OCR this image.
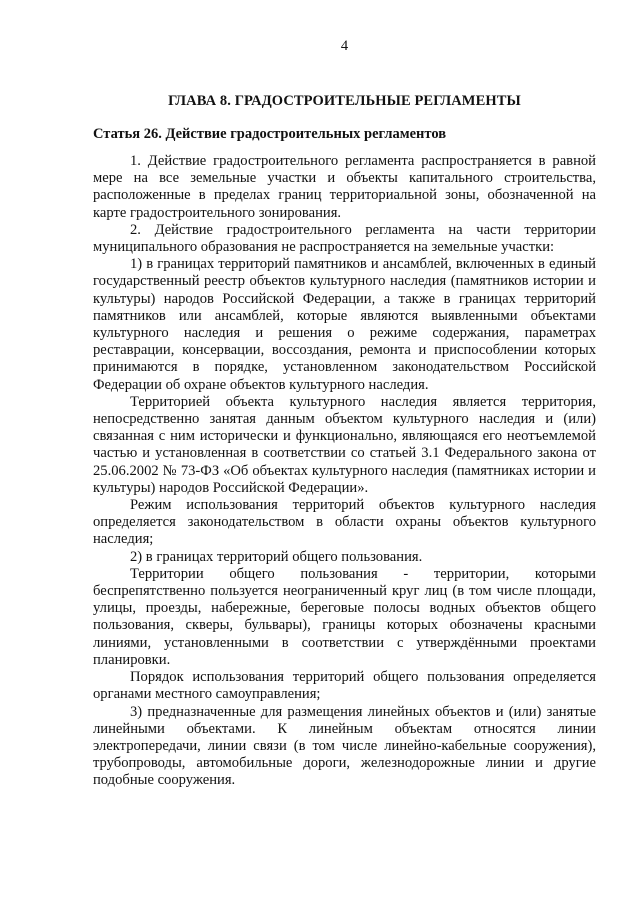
4
ГЛАВА 8. ГРАДОСТРОИТЕЛЬНЫЕ РЕГЛАМЕНТЫ
Статья 26. Действие градостроительных регламентов

1. Действие градостроительного регламента распространяется в равной мере на все земельные участки и объекты капитального строительства, расположенные в пределах границ территориальной зоны, обозначенной на карте градостроительного зонирования.

2. Действие градостроительного регламента на части территории муниципального образования не распространяется на земельные участки:

1) в границах территорий памятников и ансамблей, включенных в единый государственный реестр объектов культурного наследия (памятников истории и культуры) народов Российской Федерации, а также в границах территорий памятников или ансамблей, которые являются выявленными объектами культурного наследия и решения о режиме содержания, параметрах реставрации, консервации, воссоздания, ремонта и приспособлении которых принимаются в порядке, установленном законодательством Российской Федерации об охране объектов культурного наследия.

Территорией объекта культурного наследия является территория, непосредственно занятая данным объектом культурного наследия и (или) связанная с ним исторически и функционально, являющаяся его неотъемлемой частью и установленная в соответствии со статьей 3.1 Федерального закона от 25.06.2002 № 73-ФЗ «Об объектах культурного наследия (памятниках истории и культуры) народов Российской Федерации».

Режим использования территорий объектов культурного наследия определяется законодательством в области охраны объектов культурного наследия;

2) в границах территорий общего пользования.

Территории общего пользования - территории, которыми беспрепятственно пользуется неограниченный круг лиц (в том числе площади, улицы, проезды, набережные, береговые полосы водных объектов общего пользования, скверы, бульвары), границы которых обозначены красными линиями, установленными в соответствии с утверждёнными проектами планировки.

Порядок использования территорий общего пользования определяется органами местного самоуправления;

3) предназначенные для размещения линейных объектов и (или) занятые линейными объектами. К линейным объектам относятся линии электропередачи, линии связи (в том числе линейно-кабельные сооружения), трубопроводы, автомобильные дороги, железнодорожные линии и другие подобные сооружения.
